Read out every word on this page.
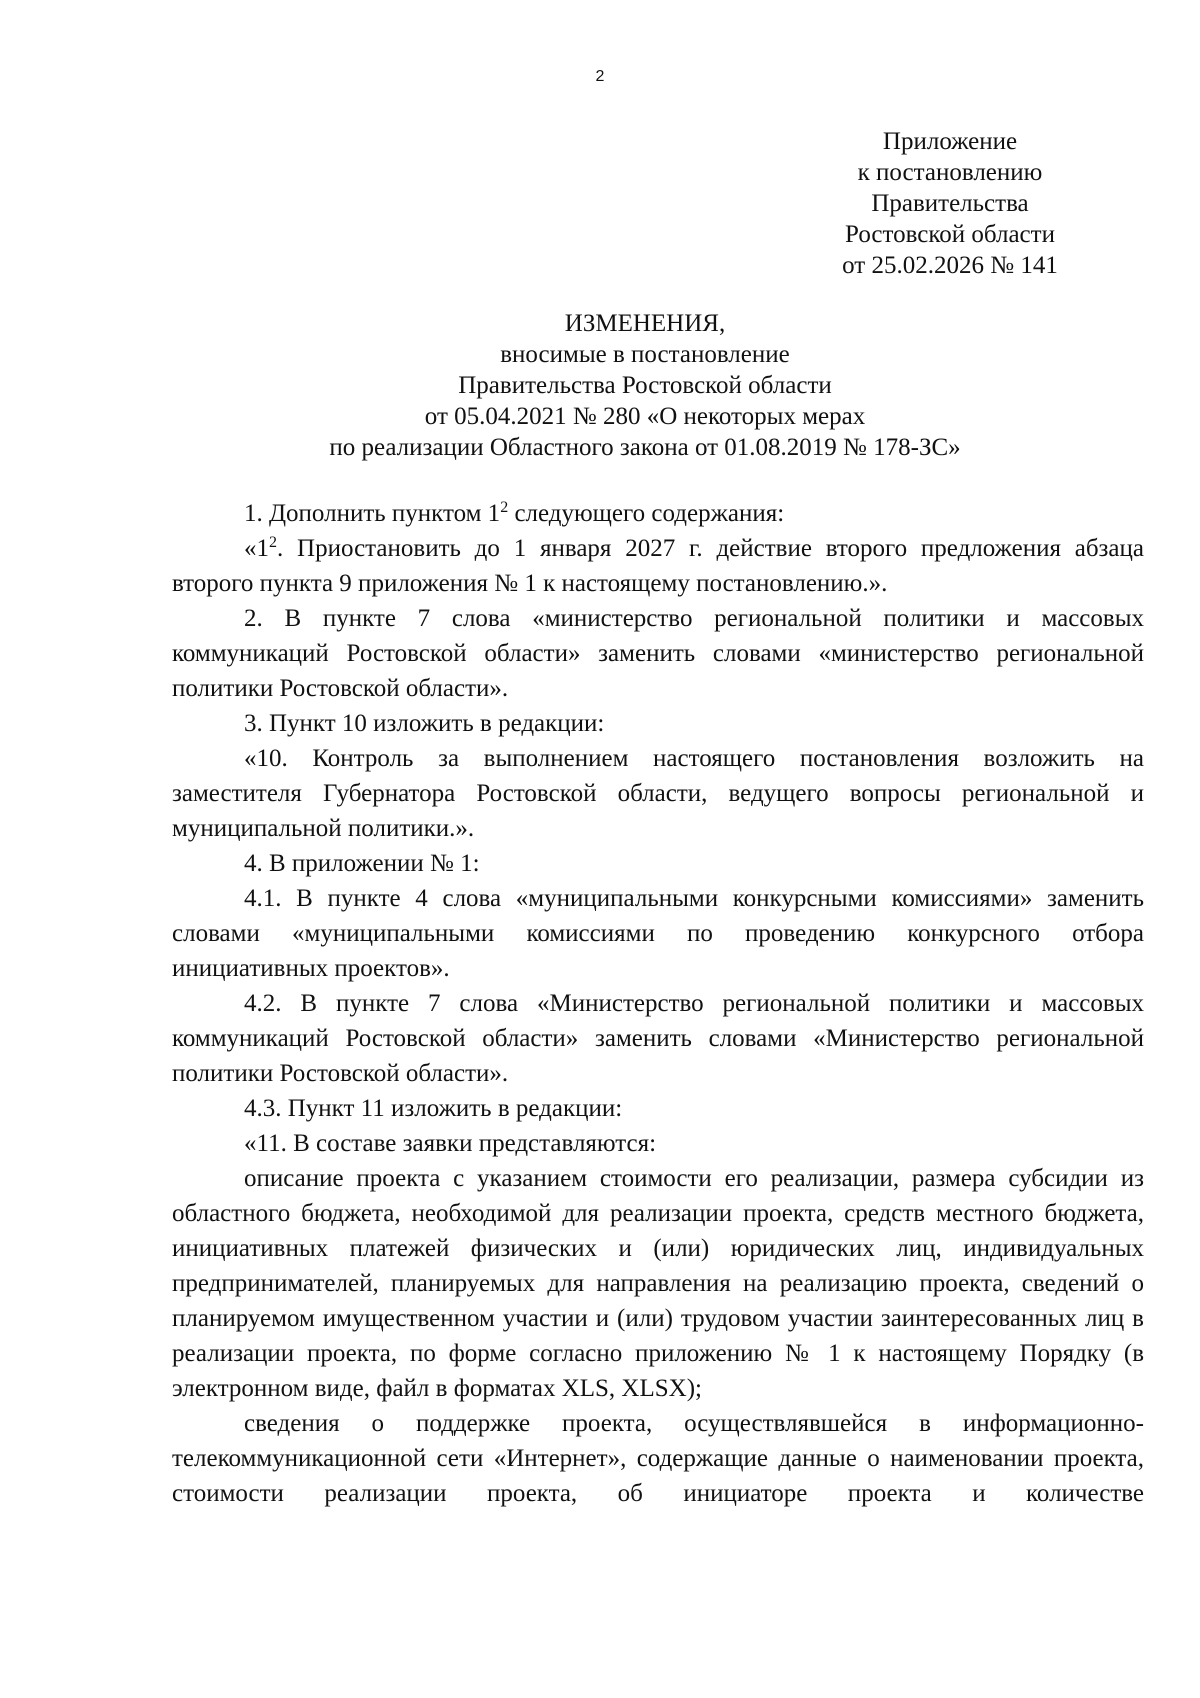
2
Приложение
к постановлению
Правительства
Ростовской области
от 25.02.2026 № 141
ИЗМЕНЕНИЯ,
вносимые в постановление
Правительства Ростовской области
от 05.04.2021 № 280 «О некоторых мерах
по реализации Областного закона от 01.08.2019 № 178-ЗС»

1. Дополнить пунктом $1^2$ следующего содержания:

«$1^2$. Приостановить до 1 января 2027 г. действие второго предложения абзаца второго пункта 9 приложения № 1 к настоящему постановлению.».

2. В пункте 7 слова «министерство региональной политики и массовых коммуникаций Ростовской области» заменить словами «министерство региональной политики Ростовской области».

3. Пункт 10 изложить в редакции:

«10. Контроль за выполнением настоящего постановления возложить на заместителя Губернатора Ростовской области, ведущего вопросы региональной и муниципальной политики.».

4. В приложении № 1:

4.1. В пункте 4 слова «муниципальными конкурсными комиссиями» заменить словами «муниципальными комиссиями по проведению конкурсного отбора инициативных проектов».

4.2. В пункте 7 слова «Министерство региональной политики и массовых коммуникаций Ростовской области» заменить словами «Министерство региональной политики Ростовской области».

4.3. Пункт 11 изложить в редакции:

«11. В составе заявки представляются:

описание проекта с указанием стоимости его реализации, размера субсидии из областного бюджета, необходимой для реализации проекта, средств местного бюджета, инициативных платежей физических и (или) юридических лиц, индивидуальных предпринимателей, планируемых для направления на реализацию проекта, сведений о планируемом имущественном участии и (или) трудовом участии заинтересованных лиц в реализации проекта, по форме согласно приложению № 1 к настоящему Порядку (в электронном виде, файл в форматах XLS, XLSX);

сведения о поддержке проекта, осуществлявшейся в информационно-телекоммуникационной сети «Интернет», содержащие данные о наименовании проекта, стоимости реализации проекта, об инициаторе проекта и количестве
